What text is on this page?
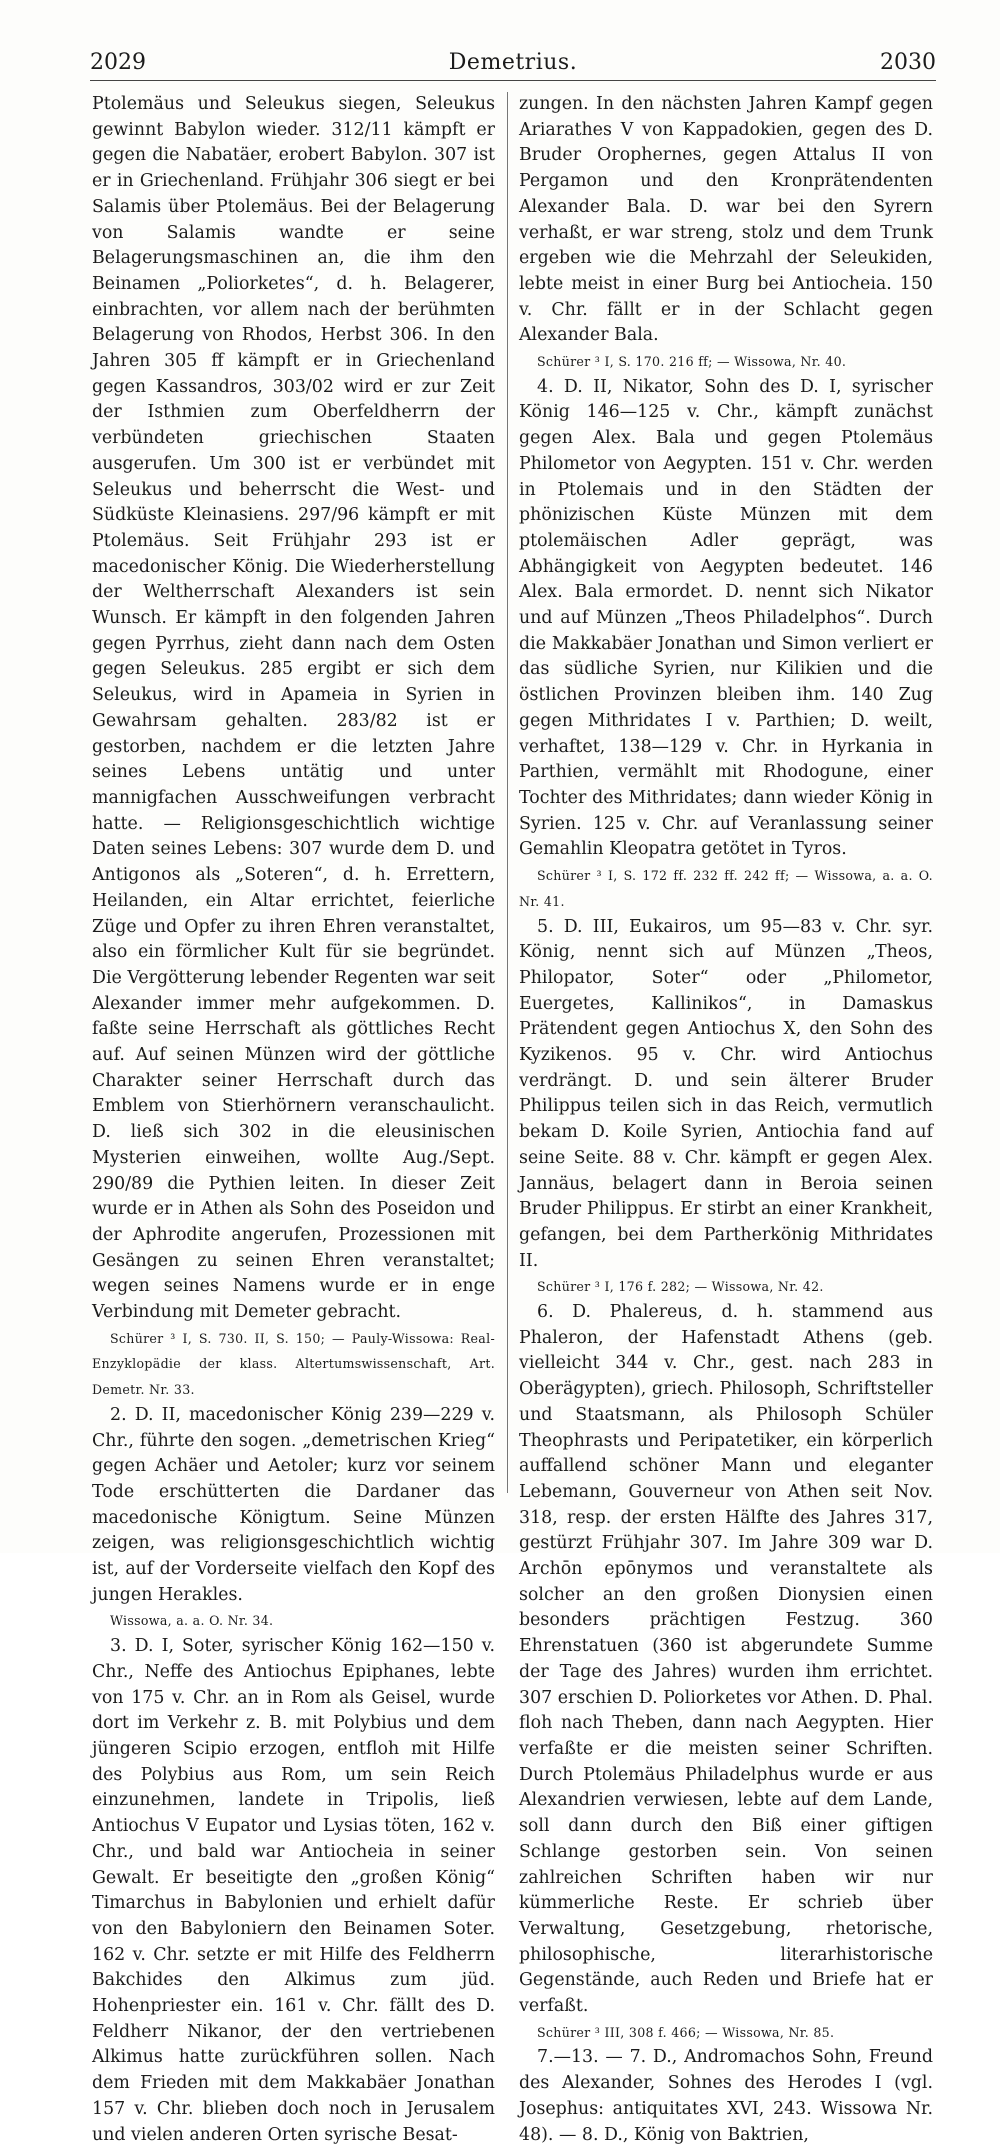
2029	Demetrius.	2030

Ptolemäus und Seleukus siegen, Seleukus gewinnt Babylon wieder. 312/11 kämpft er gegen die Nabatäer, erobert Babylon. 307 ist er in Griechenland. Frühjahr 306 siegt er bei Salamis über Ptolemäus. Bei der Belagerung von Salamis wandte er seine Belagerungsmaschinen an, die ihm den Beinamen „Poliorketes“, d. h. Belagerer, einbrachten, vor allem nach der berühmten Belagerung von Rhodos, Herbst 306. In den Jahren 305 ff kämpft er in Griechenland gegen Kassandros, 303/02 wird er zur Zeit der Isthmien zum Oberfeldherrn der verbündeten griechischen Staaten ausgerufen. Um 300 ist er verbündet mit Seleukus und beherrscht die West- und Südküste Kleinasiens. 297/96 kämpft er mit Ptolemäus. Seit Frühjahr 293 ist er macedonischer König. Die Wiederherstellung der Weltherrschaft Alexanders ist sein Wunsch. Er kämpft in den folgenden Jahren gegen Pyrrhus, zieht dann nach dem Osten gegen Seleukus. 285 ergibt er sich dem Seleukus, wird in Apameia in Syrien in Gewahrsam gehalten. 283/82 ist er gestorben, nachdem er die letzten Jahre seines Lebens untätig und unter mannigfachen Ausschweifungen verbracht hatte. — Religionsgeschichtlich wichtige Daten seines Lebens: 307 wurde dem D. und Antigonos als „Soteren“, d. h. Errettern, Heilanden, ein Altar errichtet, feierliche Züge und Opfer zu ihren Ehren veranstaltet, also ein förmlicher Kult für sie begründet. Die Vergötterung lebender Regenten war seit Alexander immer mehr aufgekommen. D. faßte seine Herrschaft als göttliches Recht auf. Auf seinen Münzen wird der göttliche Charakter seiner Herrschaft durch das Emblem von Stierhörnern veranschaulicht. D. ließ sich 302 in die eleusinischen Mysterien einweihen, wollte Aug./Sept. 290/89 die Pythien leiten. In dieser Zeit wurde er in Athen als Sohn des Poseidon und der Aphrodite angerufen, Prozessionen mit Gesängen zu seinen Ehren veranstaltet; wegen seines Namens wurde er in enge Verbindung mit Demeter gebracht.

Schürer ³ I, S. 730. II, S. 150; — Pauly-Wissowa: Real-Enzyklopädie der klass. Altertumswissenschaft, Art. Demetr. Nr. 33.

2. D. II, macedonischer König 239—229 v. Chr., führte den sogen. „demetrischen Krieg“ gegen Achäer und Aetoler; kurz vor seinem Tode erschütterten die Dardaner das macedonische Königtum. Seine Münzen zeigen, was religionsgeschichtlich wichtig ist, auf der Vorderseite vielfach den Kopf des jungen Herakles.

Wissowa, a. a. O. Nr. 34.

3. D. I, Soter, syrischer König 162—150 v. Chr., Neffe des Antiochus Epiphanes, lebte von 175 v. Chr. an in Rom als Geisel, wurde dort im Verkehr z. B. mit Polybius und dem jüngeren Scipio erzogen, entfloh mit Hilfe des Polybius aus Rom, um sein Reich einzunehmen, landete in Tripolis, ließ Antiochus V Eupator und Lysias töten, 162 v. Chr., und bald war Antiocheia in seiner Gewalt. Er beseitigte den „großen König“ Timarchus in Babylonien und erhielt dafür von den Babyloniern den Beinamen Soter. 162 v. Chr. setzte er mit Hilfe des Feldherrn Bakchides den Alkimus zum jüd. Hohenpriester ein. 161 v. Chr. fällt des D. Feldherr Nikanor, der den vertriebenen Alkimus hatte zurückführen sollen. Nach dem Frieden mit dem Makkabäer Jonathan 157 v. Chr. blieben doch noch in Jerusalem und vielen anderen Orten syrische Besat-

zungen. In den nächsten Jahren Kampf gegen Ariarathes V von Kappadokien, gegen des D. Bruder Orophernes, gegen Attalus II von Pergamon und den Kronprätendenten Alexander Bala. D. war bei den Syrern verhaßt, er war streng, stolz und dem Trunk ergeben wie die Mehrzahl der Seleukiden, lebte meist in einer Burg bei Antiocheia. 150 v. Chr. fällt er in der Schlacht gegen Alexander Bala.

Schürer ³ I, S. 170. 216 ff; — Wissowa, Nr. 40.

4. D. II, Nikator, Sohn des D. I, syrischer König 146—125 v. Chr., kämpft zunächst gegen Alex. Bala und gegen Ptolemäus Philometor von Aegypten. 151 v. Chr. werden in Ptolemais und in den Städten der phönizischen Küste Münzen mit dem ptolemäischen Adler geprägt, was Abhängigkeit von Aegypten bedeutet. 146 Alex. Bala ermordet. D. nennt sich Nikator und auf Münzen „Theos Philadelphos“. Durch die Makkabäer Jonathan und Simon verliert er das südliche Syrien, nur Kilikien und die östlichen Provinzen bleiben ihm. 140 Zug gegen Mithridates I v. Parthien; D. weilt, verhaftet, 138—129 v. Chr. in Hyrkania in Parthien, vermählt mit Rhodogune, einer Tochter des Mithridates; dann wieder König in Syrien. 125 v. Chr. auf Veranlassung seiner Gemahlin Kleopatra getötet in Tyros.

Schürer ³ I, S. 172 ff. 232 ff. 242 ff; — Wissowa, a. a. O. Nr. 41.

5. D. III, Eukairos, um 95—83 v. Chr. syr. König, nennt sich auf Münzen „Theos, Philopator, Soter“ oder „Philometor, Euergetes, Kallinikos“, in Damaskus Prätendent gegen Antiochus X, den Sohn des Kyzikenos. 95 v. Chr. wird Antiochus verdrängt. D. und sein älterer Bruder Philippus teilen sich in das Reich, vermutlich bekam D. Koile Syrien, Antiochia fand auf seine Seite. 88 v. Chr. kämpft er gegen Alex. Jannäus, belagert dann in Beroia seinen Bruder Philippus. Er stirbt an einer Krankheit, gefangen, bei dem Partherkönig Mithridates II.

Schürer ³ I, 176 f. 282; — Wissowa, Nr. 42.

6. D. Phalereus, d. h. stammend aus Phaleron, der Hafenstadt Athens (geb. vielleicht 344 v. Chr., gest. nach 283 in Oberägypten), griech. Philosoph, Schriftsteller und Staatsmann, als Philosoph Schüler Theophrasts und Peripatetiker, ein körperlich auffallend schöner Mann und eleganter Lebemann, Gouverneur von Athen seit Nov. 318, resp. der ersten Hälfte des Jahres 317, gestürzt Frühjahr 307. Im Jahre 309 war D. Archōn epōnymos und veranstaltete als solcher an den großen Dionysien einen besonders prächtigen Festzug. 360 Ehrenstatuen (360 ist abgerundete Summe der Tage des Jahres) wurden ihm errichtet. 307 erschien D. Poliorketes vor Athen. D. Phal. floh nach Theben, dann nach Aegypten. Hier verfaßte er die meisten seiner Schriften. Durch Ptolemäus Philadelphus wurde er aus Alexandrien verwiesen, lebte auf dem Lande, soll dann durch den Biß einer giftigen Schlange gestorben sein. Von seinen zahlreichen Schriften haben wir nur kümmerliche Reste. Er schrieb über Verwaltung, Gesetzgebung, rhetorische, philosophische, literarhistorische Gegenstände, auch Reden und Briefe hat er verfaßt.

Schürer ³ III, 308 f. 466; — Wissowa, Nr. 85.

7.—13. — 7. D., Andromachos Sohn, Freund des Alexander, Sohnes des Herodes I (vgl. Josephus: antiquitates XVI, 243. Wissowa Nr. 48). — 8. D., König von Baktrien,
